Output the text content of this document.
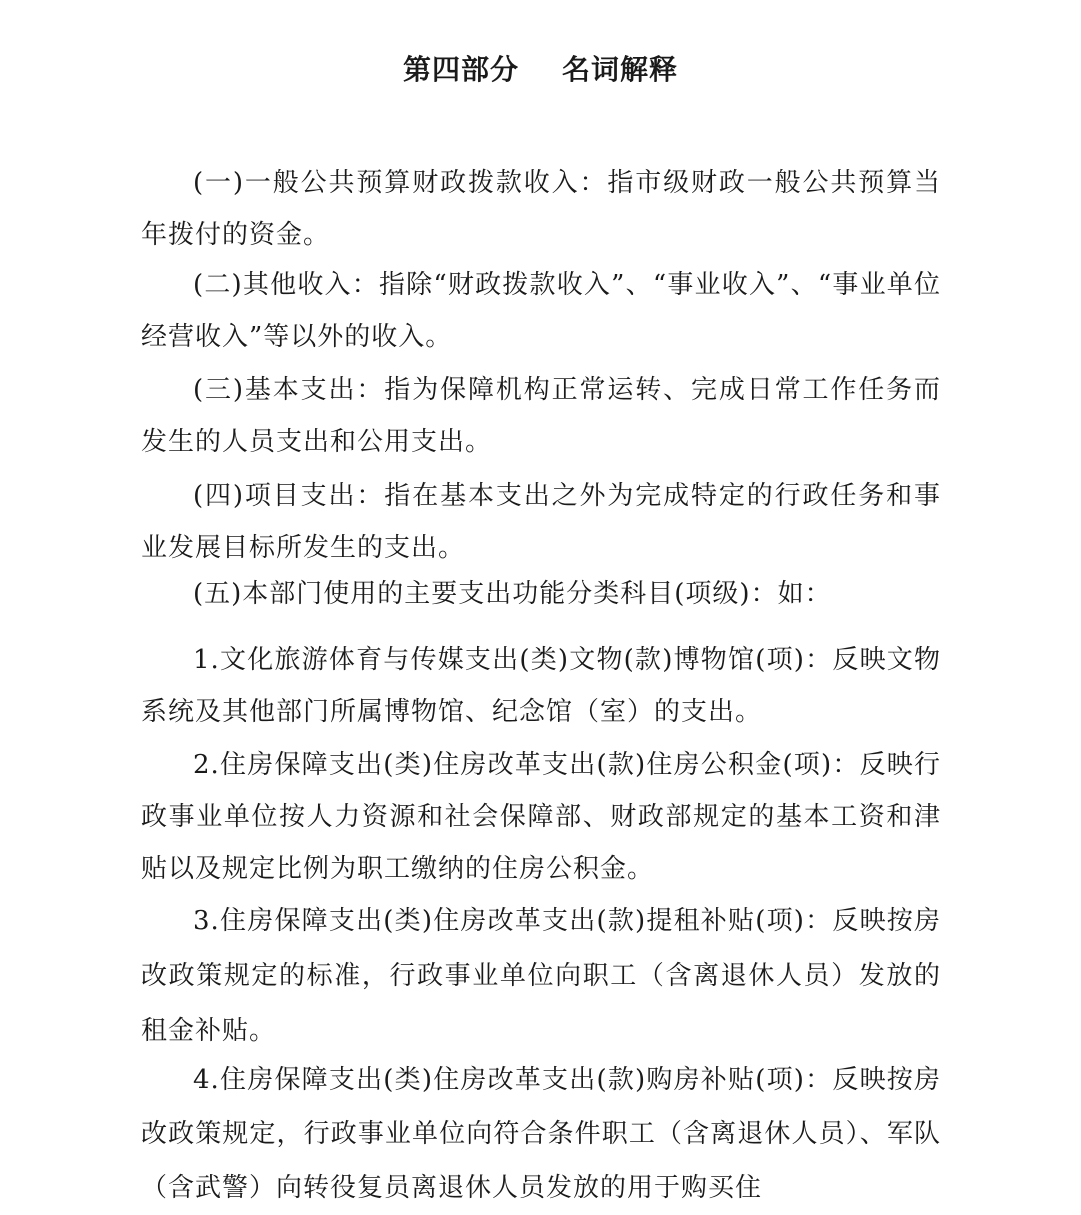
第四部分    名词解释

(一)一般公共预算财政拨款收入：指市级财政一般公共预算当年拨付的资金。

(二)其他收入：指除“财政拨款收入”、“事业收入”、“事业单位经营收入”等以外的收入。

(三)基本支出：指为保障机构正常运转、完成日常工作任务而发生的人员支出和公用支出。

(四)项目支出：指在基本支出之外为完成特定的行政任务和事业发展目标所发生的支出。

(五)本部门使用的主要支出功能分类科目(项级)：如：

1.文化旅游体育与传媒支出(类)文物(款)博物馆(项)：反映文物系统及其他部门所属博物馆、纪念馆（室）的支出。

2.住房保障支出(类)住房改革支出(款)住房公积金(项)：反映行政事业单位按人力资源和社会保障部、财政部规定的基本工资和津贴以及规定比例为职工缴纳的住房公积金。

3.住房保障支出(类)住房改革支出(款)提租补贴(项)：反映按房改政策规定的标准，行政事业单位向职工（含离退休人员）发放的租金补贴。

4.住房保障支出(类)住房改革支出(款)购房补贴(项)：反映按房改政策规定，行政事业单位向符合条件职工（含离退休人员）、军队（含武警）向转役复员离退休人员发放的用于购买住
